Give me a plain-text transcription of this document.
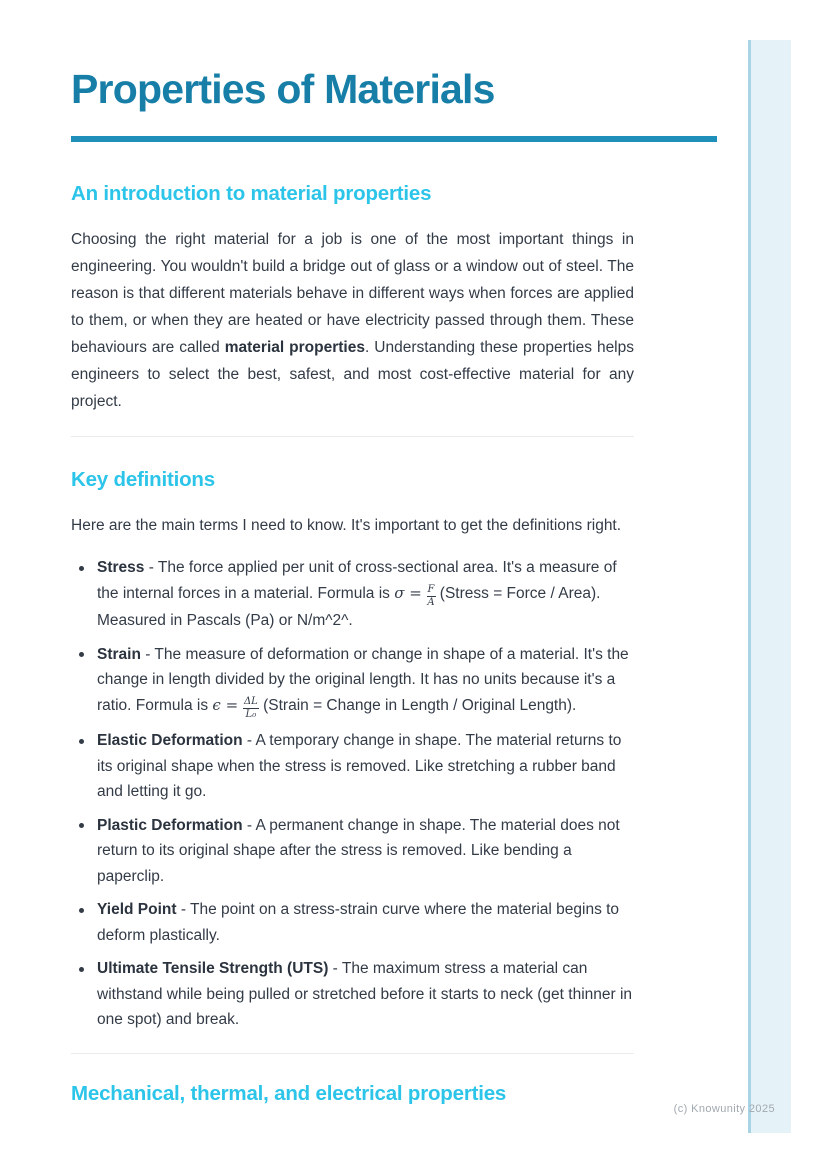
Properties of Materials
An introduction to material properties

Choosing the right material for a job is one of the most important things in engineering. You wouldn't build a bridge out of glass or a window out of steel. The reason is that different materials behave in different ways when forces are applied to them, or when they are heated or have electricity passed through them. These behaviours are called material properties. Understanding these properties helps engineers to select the best, safest, and most cost-effective material for any project.

Key definitions

Here are the main terms I need to know. It's important to get the definitions right.

Stress - The force applied per unit of cross-sectional area. It's a measure of the internal forces in a material. Formula is $\sigma = \frac{F}{A}$ (Stress = Force / Area). Measured in Pascals (Pa) or N/m^2^.
Strain - The measure of deformation or change in shape of a material. It's the change in length divided by the original length. It has no units because it's a ratio. Formula is $\epsilon = \frac{\Delta L}{\text{L₀}}$ (Strain = Change in Length / Original Length).
Elastic Deformation - A temporary change in shape. The material returns to its original shape when the stress is removed. Like stretching a rubber band and letting it go.
Plastic Deformation - A permanent change in shape. The material does not return to its original shape after the stress is removed. Like bending a paperclip.
Yield Point - The point on a stress-strain curve where the material begins to deform plastically.
Ultimate Tensile Strength (UTS) - The maximum stress a material can withstand while being pulled or stretched before it starts to neck (get thinner in one spot) and break.
Mechanical, thermal, and electrical properties
(c) Knowunity 2025
